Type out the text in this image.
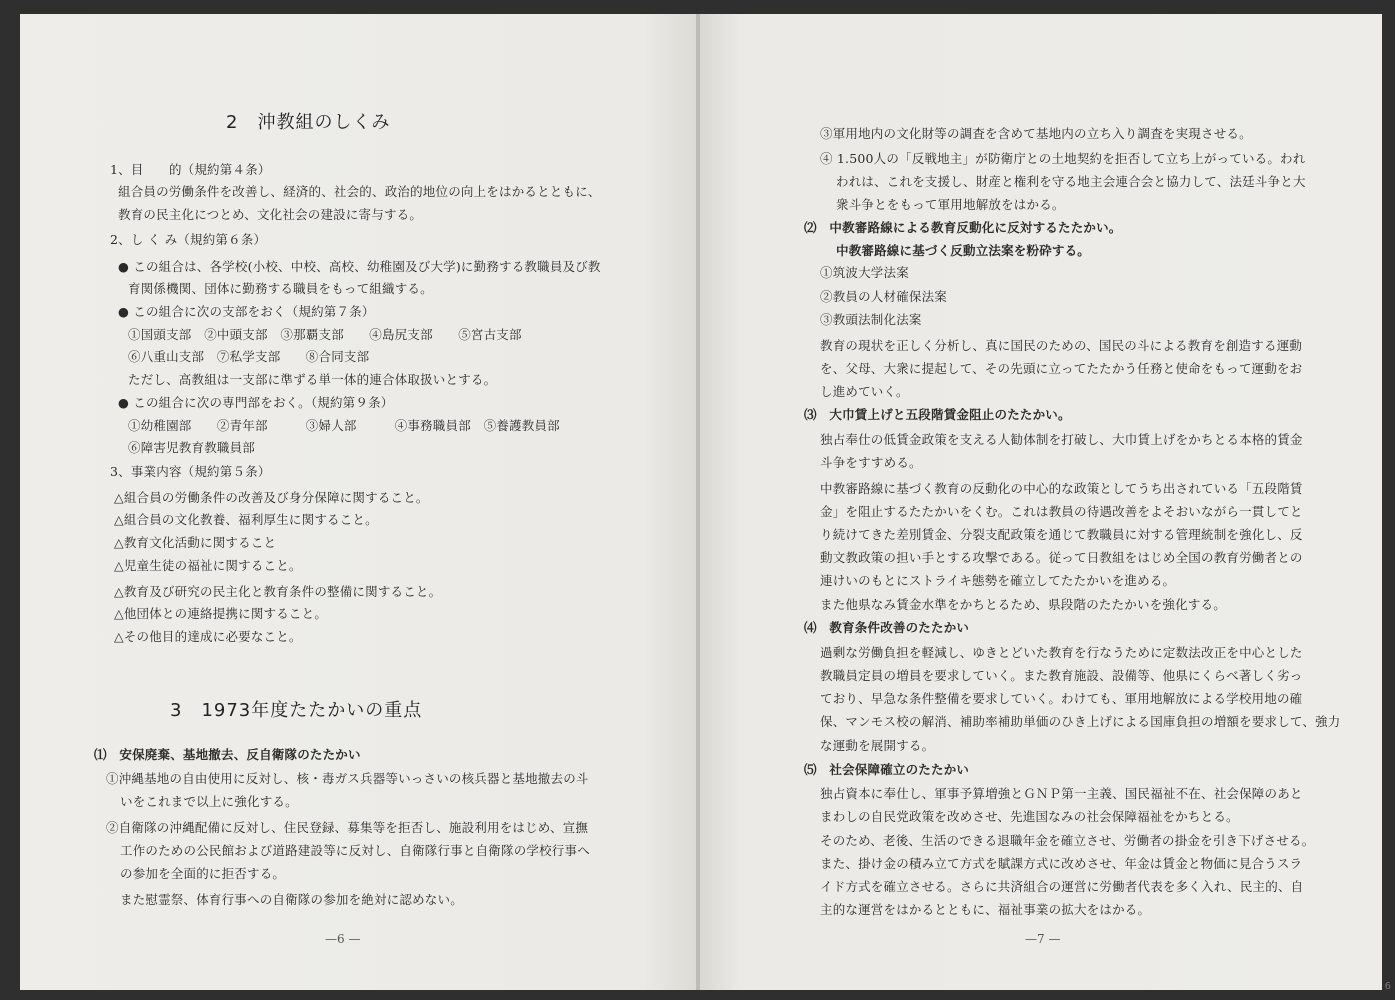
2　沖教組のしくみ
1、目　　的（規約第４条）
組合員の労働条件を改善し、経済的、社会的、政治的地位の向上をはかるとともに、
教育の民主化につとめ、文化社会の建設に寄与する。
2、し く み（規約第６条）
● この組合は、各学校(小校、中校、高校、幼稚園及び大学)に勤務する教職員及び教
育関係機関、団体に勤務する職員をもって組織する。
● この組合に次の支部をおく（規約第７条）
①国頭支部　②中頭支部　③那覇支部　　④島尻支部　　⑤宮古支部
⑥八重山支部　⑦私学支部　　⑧合同支部
ただし、高教組は一支部に準ずる単一体的連合体取扱いとする。
● この組合に次の専門部をおく。（規約第９条）
①幼稚園部　　②青年部　　　③婦人部　　　④事務職員部　⑤養護教員部
⑥障害児教育教職員部
3、事業内容（規約第５条）
△組合員の労働条件の改善及び身分保障に関すること。
△組合員の文化教養、福利厚生に関すること。
△教育文化活動に関すること
△児童生徒の福祉に関すること。
△教育及び研究の民主化と教育条件の整備に関すること。
△他団体との連絡提携に関すること。
△その他目的達成に必要なこと。
3　1973年度たたかいの重点
⑴　安保廃棄、基地撤去、反自衛隊のたたかい
①沖縄基地の自由使用に反対し、核・毒ガス兵器等いっさいの核兵器と基地撤去の斗
いをこれまで以上に強化する。
②自衛隊の沖縄配備に反対し、住民登録、募集等を拒否し、施設利用をはじめ、宣撫
工作のための公民館および道路建設等に反対し、自衛隊行事と自衛隊の学校行事へ
の参加を全面的に拒否する。
また慰霊祭、体育行事への自衛隊の参加を絶対に認めない。
—6 —
③軍用地内の文化財等の調査を含めて基地内の立ち入り調査を実現させる。
④ 1.500人の「反戦地主」が防衛庁との土地契約を拒否して立ち上がっている。われ
われは、これを支援し、財産と権利を守る地主会連合会と協力して、法廷斗争と大
衆斗争とをもって軍用地解放をはかる。
⑵　中教審路線による教育反動化に反対するたたかい。
中教審路線に基づく反動立法案を粉砕する。
①筑波大学法案
②教員の人材確保法案
③教頭法制化法案
教育の現状を正しく分析し、真に国民のための、国民の斗による教育を創造する運動
を、父母、大衆に提起して、その先頭に立ってたたかう任務と使命をもって運動をお
し進めていく。
⑶　大巾賃上げと五段階賃金阻止のたたかい。
独占奉仕の低賃金政策を支える人勧体制を打破し、大巾賃上げをかちとる本格的賃金
斗争をすすめる。
中教審路線に基づく教育の反動化の中心的な政策としてうち出されている「五段階賃
金」を阻止するたたかいをくむ。これは教員の待遇改善をよそおいながら一貫してと
り続けてきた差別賃金、分裂支配政策を通じて教職員に対する管理統制を強化し、反
動文教政策の担い手とする攻撃である。従って日教組をはじめ全国の教育労働者との
連けいのもとにストライキ態勢を確立してたたかいを進める。
また他県なみ賃金水準をかちとるため、県段階のたたかいを強化する。
⑷　教育条件改善のたたかい
過剰な労働負担を軽減し、ゆきとどいた教育を行なうために定数法改正を中心とした
教職員定員の増員を要求していく。また教育施設、設備等、他県にくらべ著しく劣っ
ており、早急な条件整備を要求していく。わけても、軍用地解放による学校用地の確
保、マンモス校の解消、補助率補助単価のひき上げによる国庫負担の増額を要求して、強力
な運動を展開する。
⑸　社会保障確立のたたかい
独占資本に奉仕し、軍事予算増強とＧＮＰ第一主義、国民福祉不在、社会保障のあと
まわしの自民党政策を改めさせ、先進国なみの社会保障福祉をかちとる。
そのため、老後、生活のできる退職年金を確立させ、労働者の掛金を引き下げさせる。
また、掛け金の積み立て方式を賦課方式に改めさせ、年金は賃金と物価に見合うスラ
イド方式を確立させる。さらに共済組合の運営に労働者代表を多く入れ、民主的、自
主的な運営をはかるとともに、福祉事業の拡大をはかる。
—7 —
6
